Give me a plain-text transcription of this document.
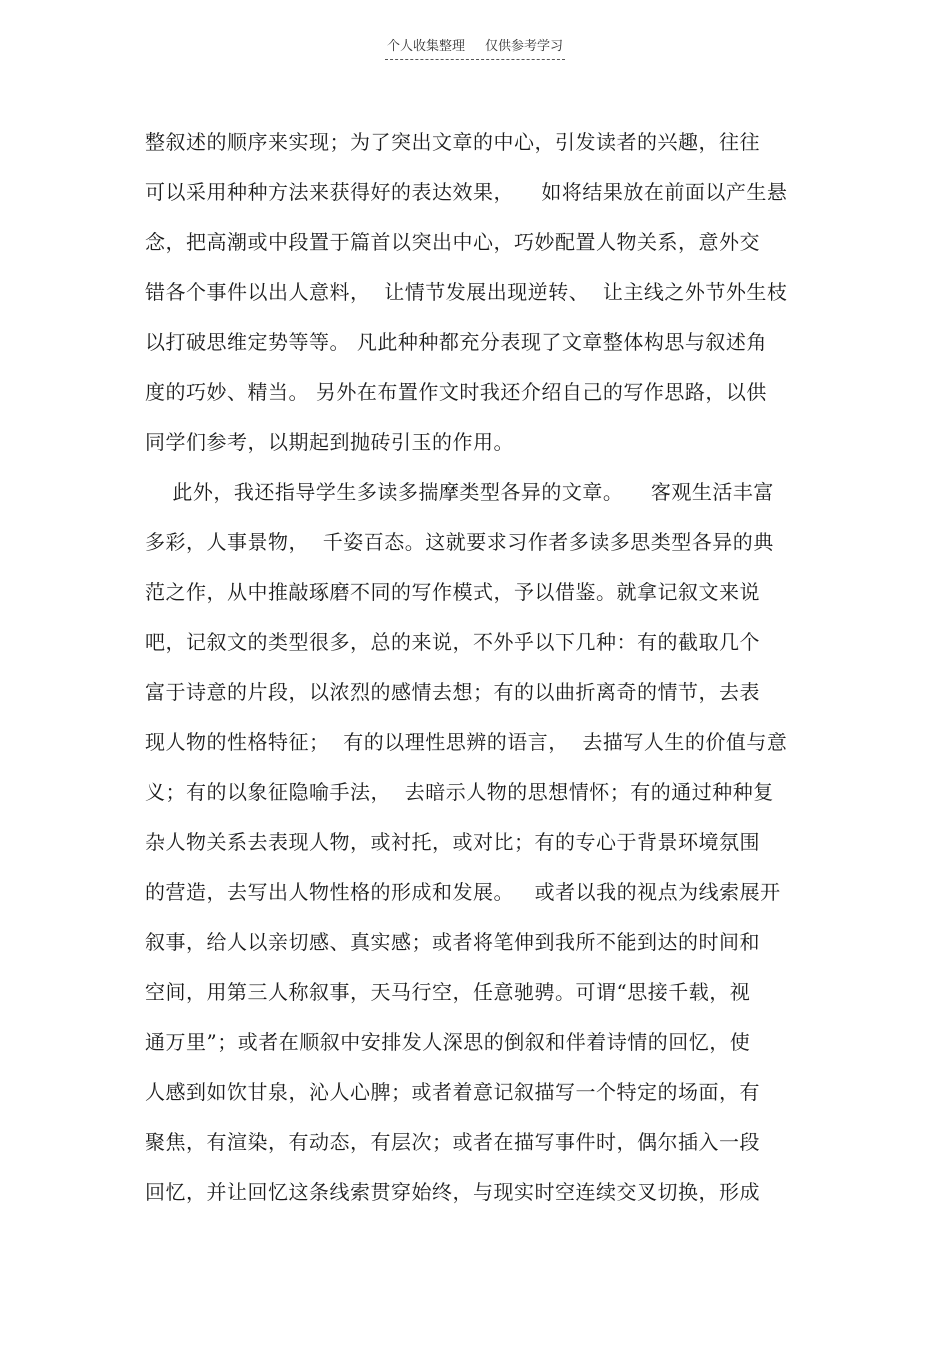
个人收集整理 仅供参考学习
整叙述的顺序来实现；为了突出文章的中心，引发读者的兴趣，往往
可以采用种种方法来获得好的表达效果，    如将结果放在前面以产生悬
念，把高潮或中段置于篇首以突出中心，巧妙配置人物关系，意外交
错各个事件以出人意料，  让情节发展出现逆转、  让主线之外节外生枝
以打破思维定势等等。 凡此种种都充分表现了文章整体构思与叙述角
度的巧妙、精当。 另外在布置作文时我还介绍自己的写作思路，以供
同学们参考，以期起到抛砖引玉的作用。
此外，我还指导学生多读多揣摩类型各异的文章。    客观生活丰富
多彩，人事景物，  千姿百态。这就要求习作者多读多思类型各异的典
范之作，从中推敲琢磨不同的写作模式，予以借鉴。就拿记叙文来说
吧，记叙文的类型很多，总的来说，不外乎以下几种：有的截取几个
富于诗意的片段，以浓烈的感情去想；有的以曲折离奇的情节，去表
现人物的性格特征；  有的以理性思辨的语言，  去描写人生的价值与意
义；有的以象征隐喻手法，  去暗示人物的思想情怀；有的通过种种复
杂人物关系去表现人物，或衬托，或对比；有的专心于背景环境氛围
的营造，去写出人物性格的形成和发展。   或者以我的视点为线索展开
叙事，给人以亲切感、真实感；或者将笔伸到我所不能到达的时间和
空间，用第三人称叙事，天马行空，任意驰骋。可谓“思接千载，视
通万里”；或者在顺叙中安排发人深思的倒叙和伴着诗情的回忆，使
人感到如饮甘泉，沁人心脾；或者着意记叙描写一个特定的场面，有
聚焦，有渲染，有动态，有层次；或者在描写事件时，偶尔插入一段
回忆，并让回忆这条线索贯穿始终，与现实时空连续交叉切换，形成
